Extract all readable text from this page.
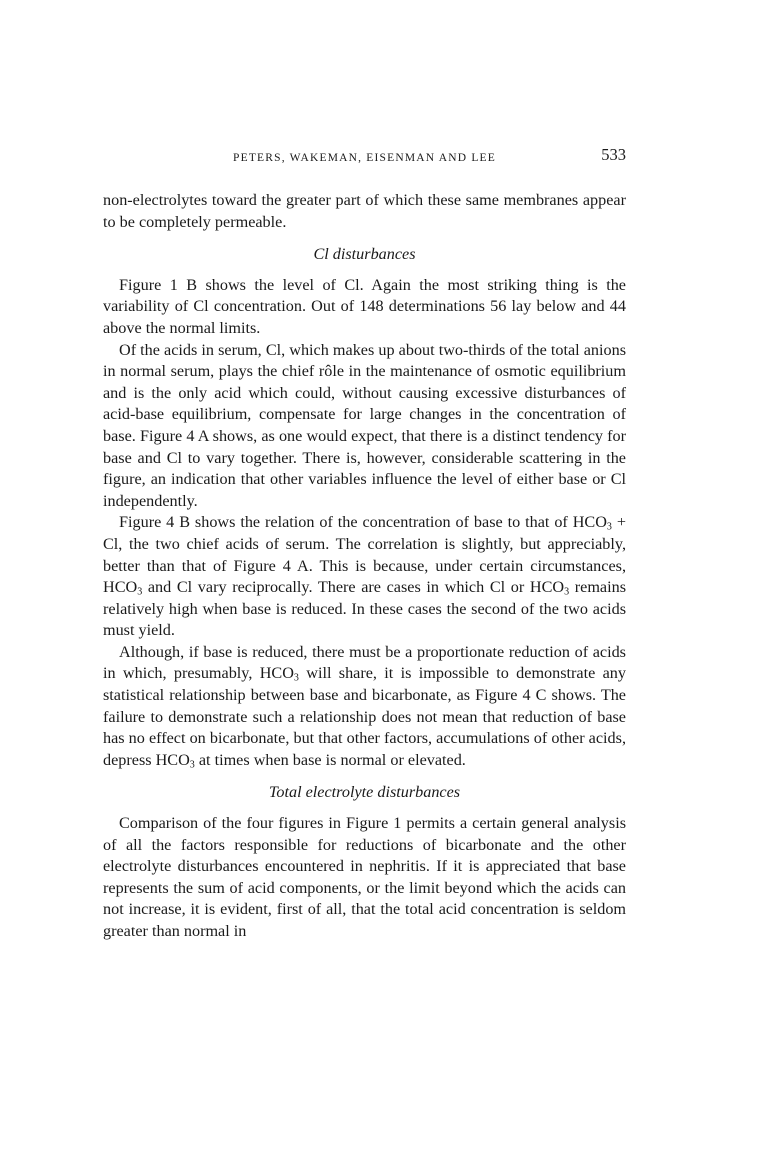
PETERS, WAKEMAN, EISENMAN AND LEE	533

non-electrolytes toward the greater part of which these same membranes appear to be completely permeable.

Cl disturbances

Figure 1 B shows the level of Cl. Again the most striking thing is the variability of Cl concentration. Out of 148 determinations 56 lay below and 44 above the normal limits.

Of the acids in serum, Cl, which makes up about two-thirds of the total anions in normal serum, plays the chief rôle in the maintenance of osmotic equilibrium and is the only acid which could, without causing excessive disturbances of acid-base equilibrium, compensate for large changes in the concentration of base. Figure 4 A shows, as one would expect, that there is a distinct tendency for base and Cl to vary together. There is, however, considerable scattering in the figure, an indication that other variables influence the level of either base or Cl independently.

Figure 4 B shows the relation of the concentration of base to that of $HCO_3 + Cl$, the two chief acids of serum. The correlation is slightly, but appreciably, better than that of Figure 4 A. This is because, under certain circumstances, $HCO_3$ and Cl vary reciprocally. There are cases in which Cl or $HCO_3$ remains relatively high when base is reduced. In these cases the second of the two acids must yield.

Although, if base is reduced, there must be a proportionate reduction of acids in which, presumably, $HCO_3$ will share, it is impossible to demonstrate any statistical relationship between base and bicarbonate, as Figure 4 C shows. The failure to demonstrate such a relationship does not mean that reduction of base has no effect on bicarbonate, but that other factors, accumulations of other acids, depress $HCO_3$ at times when base is normal or elevated.

Total electrolyte disturbances

Comparison of the four figures in Figure 1 permits a certain general analysis of all the factors responsible for reductions of bicarbonate and the other electrolyte disturbances encountered in nephritis. If it is appreciated that base represents the sum of acid components, or the limit beyond which the acids can not increase, it is evident, first of all, that the total acid concentration is seldom greater than normal in
